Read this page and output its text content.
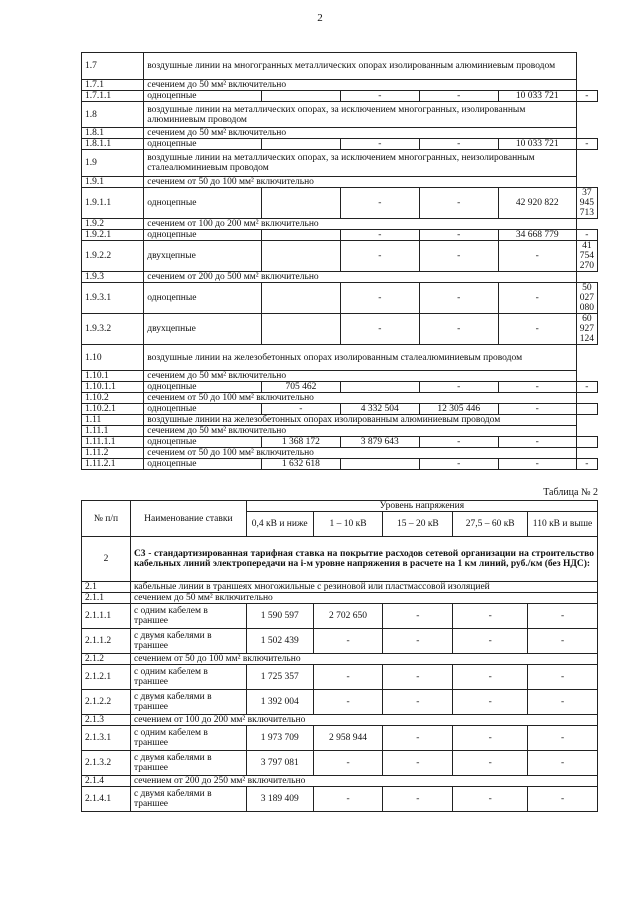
2
1.7	воздушные линии на многогранных металлических опорах изолированным алюминиевым проводом					
1.7.1	сечением до 50 мм² включительно					
1.7.1.1	одноцепные		-	-	10 033 721	-
1.8	воздушные линии на металлических опорах, за исключением многогранных, изолированным алюминиевым проводом					
1.8.1	сечением до 50 мм² включительно					
1.8.1.1	одноцепные		-	-	10 033 721	-
1.9	воздушные линии на металлических опорах, за исключением многогранных, неизолированным сталеалюминиевым проводом					
1.9.1	сечением от 50 до 100 мм² включительно					
1.9.1.1	одноцепные		-	-	42 920 822	37 945 713
1.9.2	сечением от 100 до 200 мм² включительно					
1.9.2.1	одноцепные		-	-	34 668 779	-
1.9.2.2	двухцепные		-	-	-	41 754 270
1.9.3	сечением от 200 до 500 мм² включительно					
1.9.3.1	одноцепные		-	-	-	50 027 080
1.9.3.2	двухцепные		-	-	-	60 927 124
1.10	воздушные линии на железобетонных опорах изолированным сталеалюминиевым проводом					
1.10.1	сечением до 50 мм² включительно					
1.10.1.1	одноцепные	705 462		-	-	-
1.10.2	сечением от 50 до 100 мм² включительно					
1.10.2.1	одноцепные	-	4 332 504	12 305 446	-	
1.11	воздушные линии на железобетонных опорах изолированным алюминиевым проводом					
1.11.1	сечением до 50 мм² включительно					
1.11.1.1	одноцепные	1 368 172	3 879 643	-	-	
1.11.2	сечением от 50 до 100 мм² включительно					
1.11.2.1	одноцепные	1 632 618		-	-	-
Таблица № 2
№ п/п	Наименование ставки	Уровень напряжения				
		0,4 кВ и ниже	1 – 10 кВ	15 – 20 кВ	27,5 – 60 кВ	110 кВ и выше
2	С3 - стандартизированная тарифная ставка на покрытие расходов сетевой организации на строительство кабельных линий электропередачи на i-м уровне напряжения в расчете на 1 км линий, руб./км (без НДС):					
2.1	кабельные линии в траншеях многожильные с резиновой или пластмассовой изоляцией					
2.1.1	сечением до 50 мм² включительно					
2.1.1.1	с одним кабелем в траншее	1 590 597	2 702 650	-	-	-
2.1.1.2	с двумя кабелями в траншее	1 502 439	-	-	-	-
2.1.2	сечением от 50 до 100 мм² включительно					
2.1.2.1	с одним кабелем в траншее	1 725 357	-	-	-	-
2.1.2.2	с двумя кабелями в траншее	1 392 004	-	-	-	-
2.1.3	сечением от 100 до 200 мм² включительно					
2.1.3.1	с одним кабелем в траншее	1 973 709	2 958 944	-	-	-
2.1.3.2	с двумя кабелями в траншее	3 797 081	-	-	-	-
2.1.4	сечением от 200 до 250 мм² включительно					
2.1.4.1	с двумя кабелями в траншее	3 189 409	-	-	-	-
